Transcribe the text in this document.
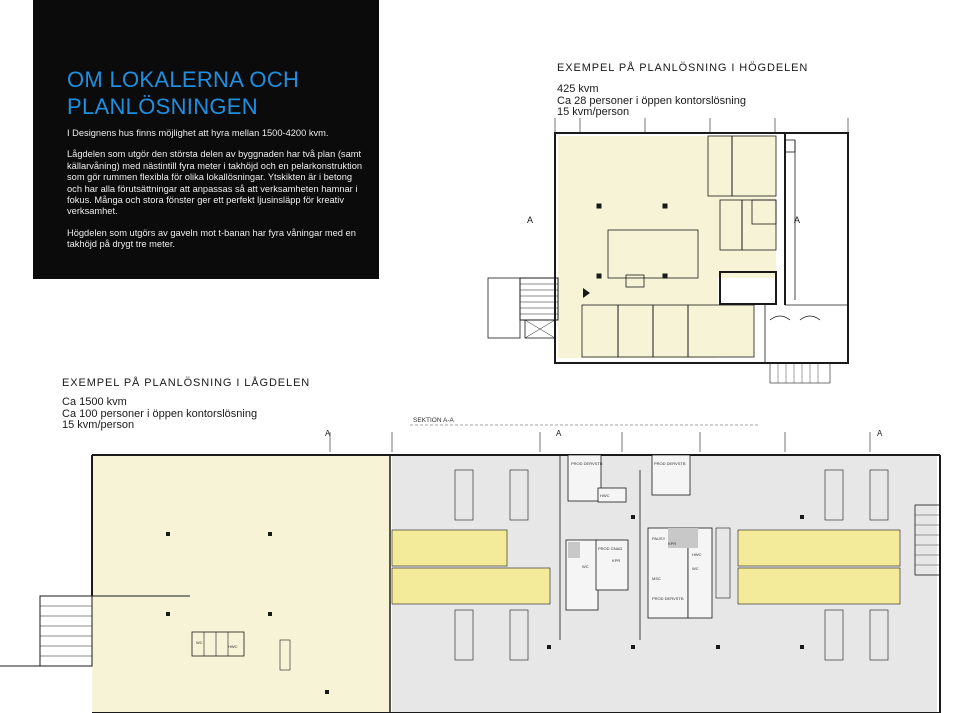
OM LOKALERNA OCH
PLANLÖSNINGEN

I Designens hus finns möjlighet att hyra mellan 1500-4200 kvm.

Lågdelen som utgör den största delen av byggnaden har två plan (samt källarvåning) med nästintill fyra meter i takhöjd och en pelarkonstruktion som gör rummen flexibla för olika lokallösningar. Ytskikten är i betong och har alla förutsättningar att anpassas så att verksamheten hamnar i fokus. Många och stora fönster ger ett perfekt ljusinsläpp för kreativ verksamhet.

Högdelen som utgörs av gaveln mot t-banan har fyra våningar med en takhöjd på drygt tre meter.

EXEMPEL PÅ PLANLÖSNING I HÖGDELEN
425 kvm
Ca 28 personer i öppen kontorslösning
15 kvm/person
EXEMPEL PÅ PLANLÖSNING I LÅGDELEN
Ca 1500 kvm
Ca 100 personer i öppen kontorslösning
15 kvm/person
A	A
SEKTION A-A
A	A	A
PROD DERVSTB	PROD DERVSTB
HWC
WC
PROD GNAD
KPR
KPR
PAUSY
MSC
PROD DERVSTB
HWC
WC
WC
HWC
